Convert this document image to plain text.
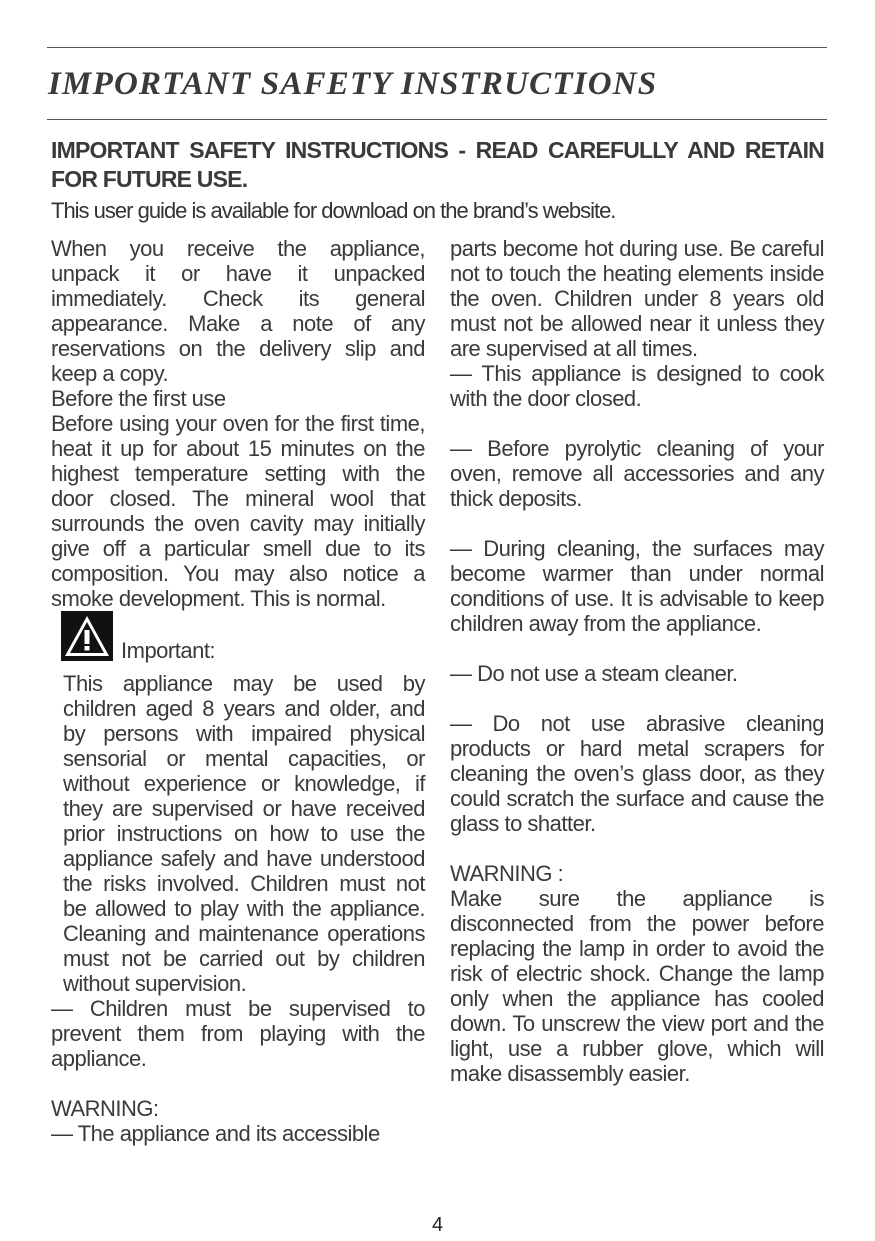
IMPORTANT SAFETY INSTRUCTIONS

IMPORTANT SAFETY INSTRUCTIONS - READ CAREFULLY AND RETAIN FOR FUTURE USE.

This user guide is available for download on the brand’s website.

When you receive the appliance, unpack it or have it unpacked immediately. Check its general appearance. Make a note of any reservations on the delivery slip and keep a copy.

Before the first use

Before using your oven for the first time, heat it up for about 15 minutes on the highest temperature setting with the door closed. The mineral wool that surrounds the oven cavity may initially give off a particular smell due to its composition. You may also notice a smoke development. This is normal.

Important:

This appliance may be used by children aged 8 years and older, and by persons with impaired physical sensorial or mental capacities, or without experience or knowledge, if they are supervised or have received prior instructions on how to use the appliance safely and have understood the risks involved. Children must not be allowed to play with the appliance. Cleaning and maintenance operations must not be carried out by children without supervision.

— Children must be supervised to prevent them from playing with the appliance.

WARNING:

— The appliance and its accessible

parts become hot during use. Be careful not to touch the heating elements inside the oven. Children under 8 years old must not be allowed near it unless they are supervised at all times.

— This appliance is designed to cook with the door closed.

— Before pyrolytic cleaning of your oven, remove all accessories and any thick deposits.

— During cleaning, the surfaces may become warmer than under normal conditions of use. It is advisable to keep children away from the appliance.

— Do not use a steam cleaner.

— Do not use abrasive cleaning products or hard metal scrapers for cleaning the oven’s glass door, as they could scratch the surface and cause the glass to shatter.

WARNING :

Make sure the appliance is disconnected from the power before replacing the lamp in order to avoid the risk of electric shock. Change the lamp only when the appliance has cooled down. To unscrew the view port and the light, use a rubber glove, which will make disassembly easier.

4
